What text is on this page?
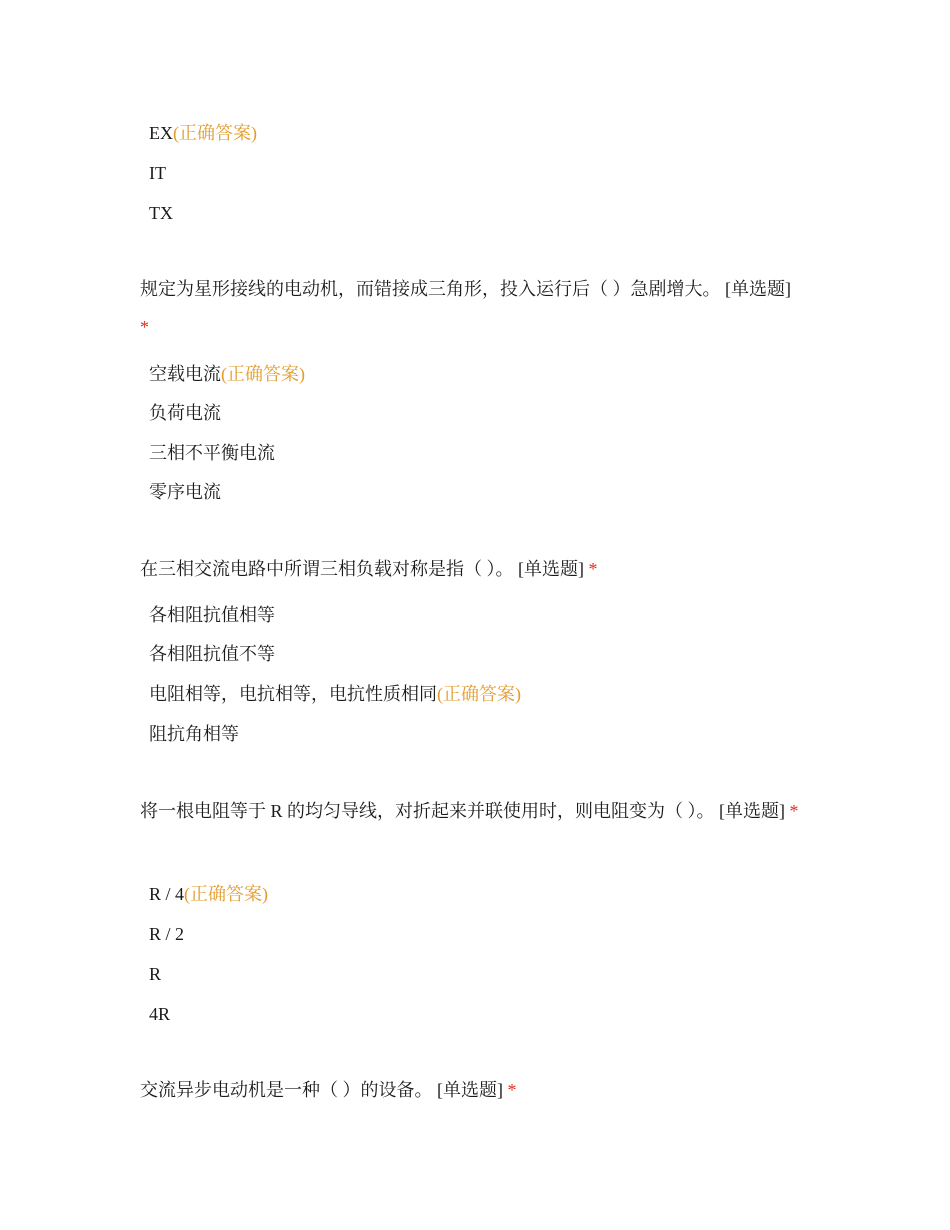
EX(正确答案)
IT
TX
规定为星形接线的电动机，而错接成三角形，投入运行后（ ）急剧增大。 [单选题] *
空载电流(正确答案)
负荷电流
三相不平衡电流
零序电流
在三相交流电路中所谓三相负载对称是指（ ）。 [单选题] *
各相阻抗值相等
各相阻抗值不等
电阻相等，电抗相等，电抗性质相同(正确答案)
阻抗角相等
将一根电阻等于 R 的均匀导线，对折起来并联使用时，则电阻变为（ ）。 [单选题] *
R / 4(正确答案)
R / 2
R
4R
交流异步电动机是一种（ ）的设备。 [单选题] *
